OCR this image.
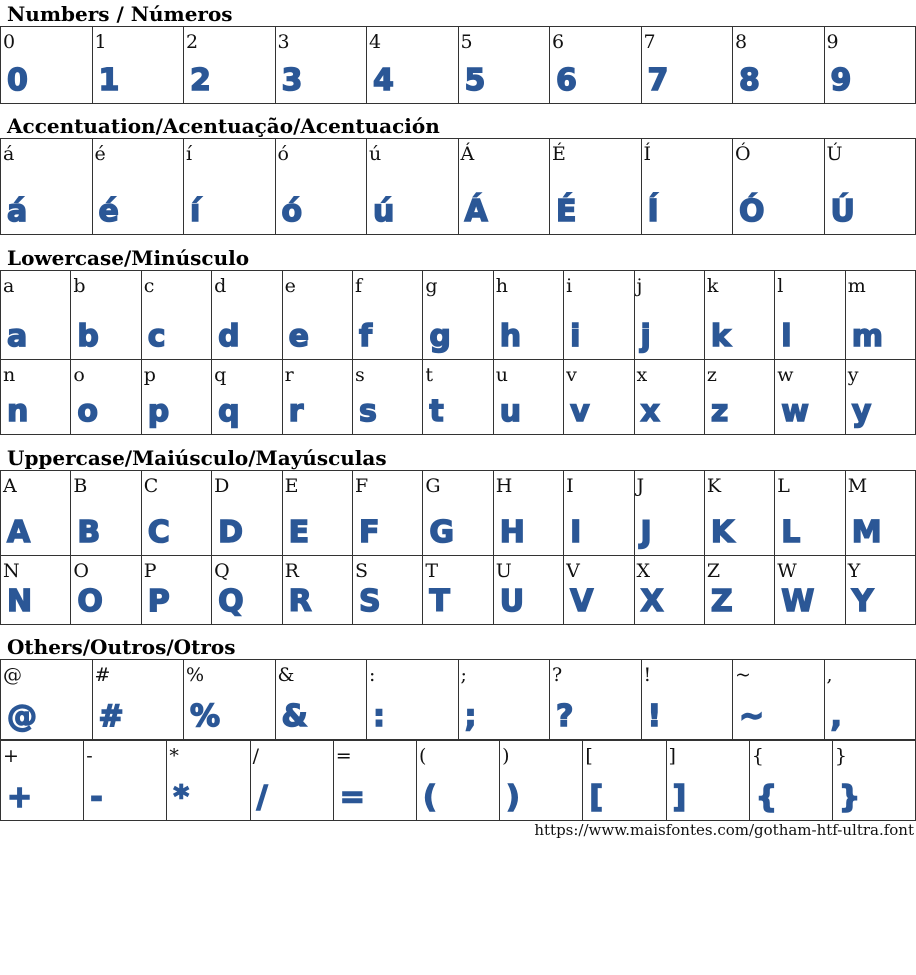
Numbers / Números
0
0
1
1
2
2
3
3
4
4
5
5
6
6
7
7
8
8
9
9
Accentuation/Acentuação/Acentuación
á
á
é
é
í
í
ó
ó
ú
ú
Á
Á
É
É
Í
Í
Ó
Ó
Ú
Ú
Lowercase/Minúsculo
a
a
b
b
c
c
d
d
e
e
f
f
g
g
h
h
i
i
j
j
k
k
l
l
m
m
n
n
o
o
p
p
q
q
r
r
s
s
t
t
u
u
v
v
x
x
z
z
w
w
y
y
Uppercase/Maiúsculo/Mayúsculas
A
A
B
B
C
C
D
D
E
E
F
F
G
G
H
H
I
I
J
J
K
K
L
L
M
M
N
N
O
O
P
P
Q
Q
R
R
S
S
T
T
U
U
V
V
X
X
Z
Z
W
W
Y
Y
Others/Outros/Otros
@
@
#
#
%
%
&
&
:
:
;
;
?
?
!
!
~
~
,
,
+
+
-
-
*
*
/
/
=
=
(
(
)
)
[
[
]
]
{
{
}
}
https://www.maisfontes.com/gotham-htf-ultra.font
